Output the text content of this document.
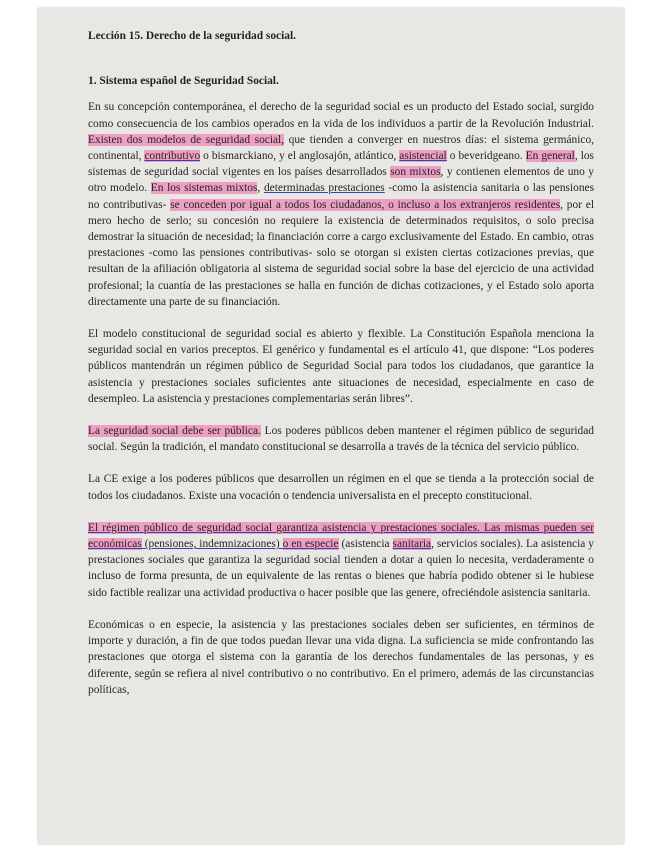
Lección 15. Derecho de la seguridad social.
1. Sistema español de Seguridad Social.

En su concepción contemporánea, el derecho de la seguridad social es un producto del Estado social, surgido como consecuencia de los cambios operados en la vida de los individuos a partir de la Revolución Industrial. Existen dos modelos de seguridad social, que tienden a converger en nuestros días: el sistema germánico, continental, contributivo o bismarckiano, y el anglosajón, atlántico, asistencial o beveridgeano. En general, los sistemas de seguridad social vigentes en los países desarrollados son mixtos, y contienen elementos de uno y otro modelo. En los sistemas mixtos, determinadas prestaciones -como la asistencia sanitaria o las pensiones no contributivas- se conceden por igual a todos los ciudadanos, o incluso a los extranjeros residentes, por el mero hecho de serlo; su concesión no requiere la existencia de determinados requisitos, o solo precisa demostrar la situación de necesidad; la financiación corre a cargo exclusivamente del Estado. En cambio, otras prestaciones -como las pensiones contributivas- solo se otorgan si existen ciertas cotizaciones previas, que resultan de la afiliación obligatoria al sistema de seguridad social sobre la base del ejercicio de una actividad profesional; la cuantía de las prestaciones se halla en función de dichas cotizaciones, y el Estado solo aporta directamente una parte de su financiación.

El modelo constitucional de seguridad social es abierto y flexible. La Constitución Española menciona la seguridad social en varios preceptos. El genérico y fundamental es el artículo 41, que dispone: “Los poderes públicos mantendrán un régimen público de Seguridad Social para todos los ciudadanos, que garantice la asistencia y prestaciones sociales suficientes ante situaciones de necesidad, especialmente en caso de desempleo. La asistencia y prestaciones complementarias serán libres”.

La seguridad social debe ser pública. Los poderes públicos deben mantener el régimen público de seguridad social. Según la tradición, el mandato constitucional se desarrolla a través de la técnica del servicio público.

La CE exige a los poderes públicos que desarrollen un régimen en el que se tienda a la protección social de todos los ciudadanos. Existe una vocación o tendencia universalista en el precepto constitucional.

El régimen público de seguridad social garantiza asistencia y prestaciones sociales. Las mismas pueden ser económicas (pensiones, indemnizaciones) o en especie (asistencia sanitaria, servicios sociales). La asistencia y prestaciones sociales que garantiza la seguridad social tienden a dotar a quien lo necesita, verdaderamente o incluso de forma presunta, de un equivalente de las rentas o bienes que habría podido obtener si le hubiese sido factible realizar una actividad productiva o hacer posible que las genere, ofreciéndole asistencia sanitaria.

Económicas o en especie, la asistencia y las prestaciones sociales deben ser suficientes, en términos de importe y duración, a fin de que todos puedan llevar una vida digna. La suficiencia se mide confrontando las prestaciones que otorga el sistema con la garantía de los derechos fundamentales de las personas, y es diferente, según se refiera al nivel contributivo o no contributivo. En el primero, además de las circunstancias políticas,
